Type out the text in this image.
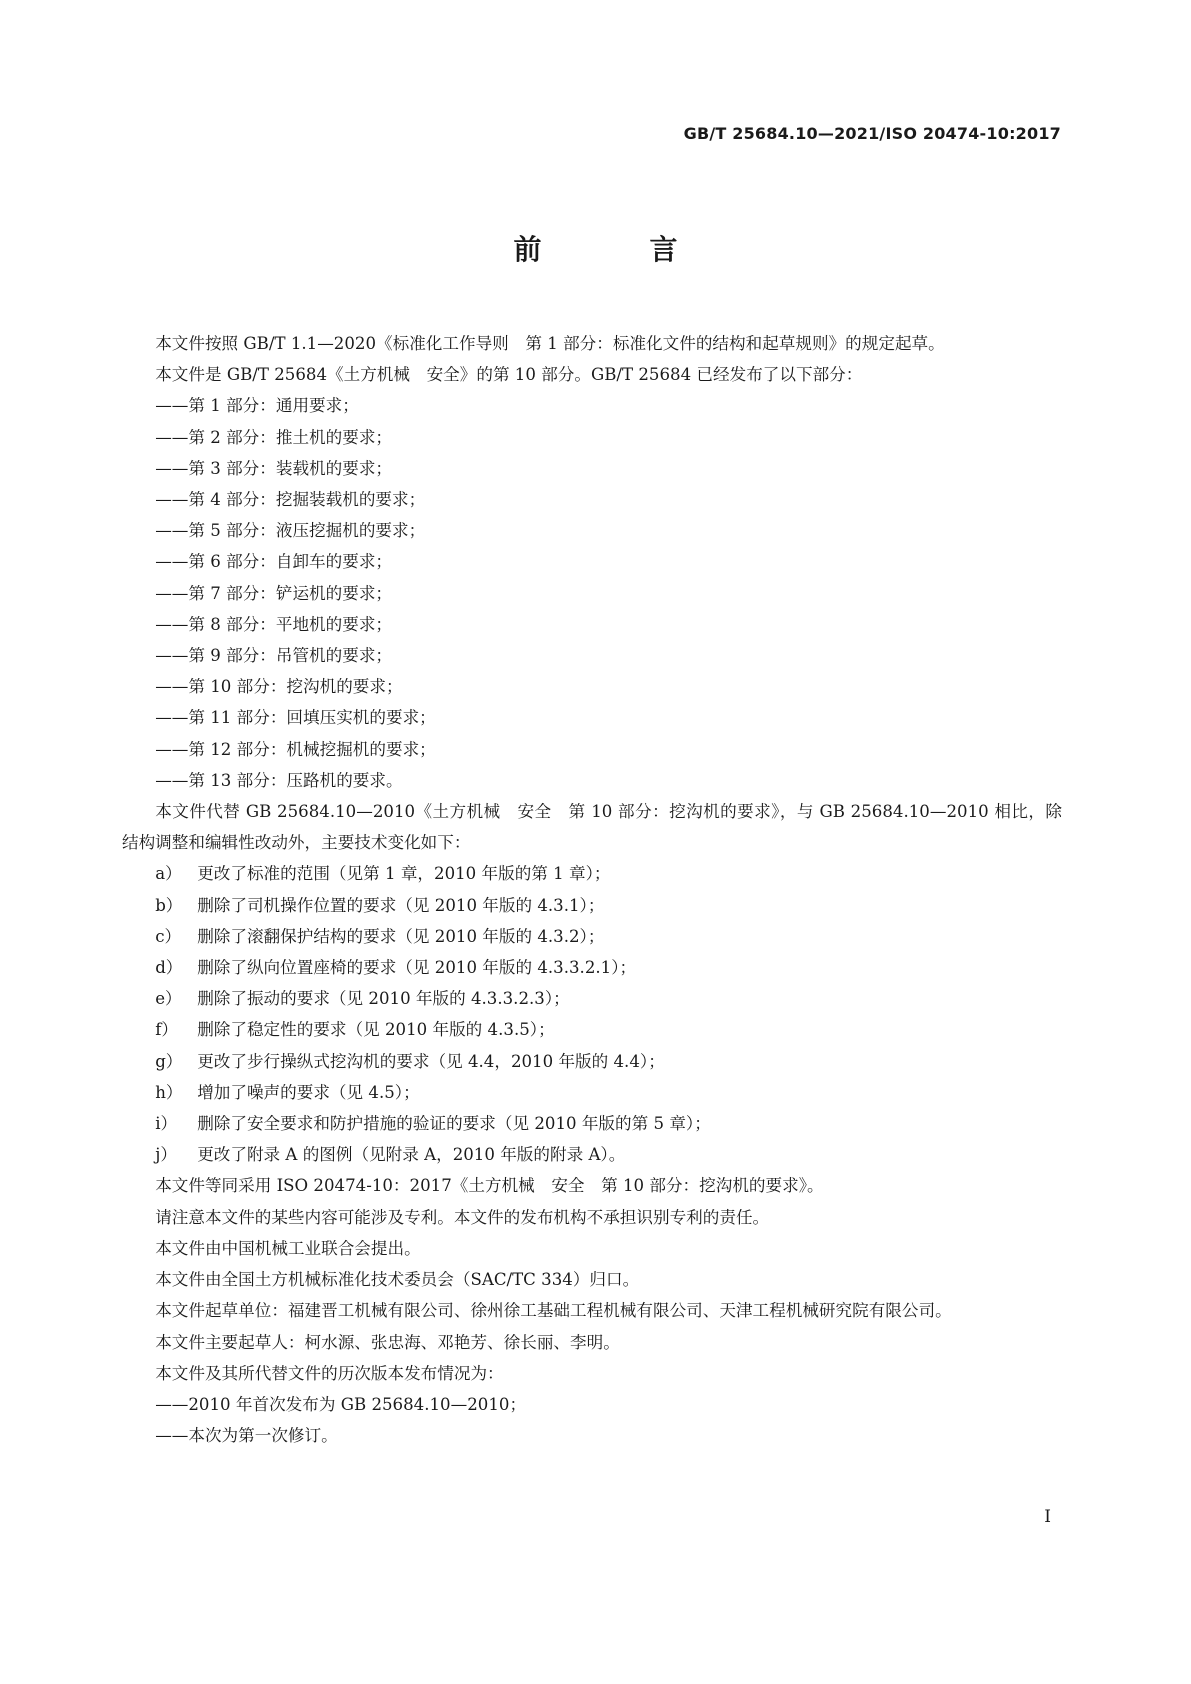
GB/T 25684.10—2021/ISO 20474-10:2017

前　言

本文件按照 GB/T 1.1—2020《标准化工作导则　第 1 部分：标准化文件的结构和起草规则》的规定起草。

本文件是 GB/T 25684《土方机械　安全》的第 10 部分。GB/T 25684 已经发布了以下部分：

——第 1 部分：通用要求；
——第 2 部分：推土机的要求；
——第 3 部分：装载机的要求；
——第 4 部分：挖掘装载机的要求；
——第 5 部分：液压挖掘机的要求；
——第 6 部分：自卸车的要求；
——第 7 部分：铲运机的要求；
——第 8 部分：平地机的要求；
——第 9 部分：吊管机的要求；
——第 10 部分：挖沟机的要求；
——第 11 部分：回填压实机的要求；
——第 12 部分：机械挖掘机的要求；
——第 13 部分：压路机的要求。

本文件代替 GB 25684.10—2010《土方机械　安全　第 10 部分：挖沟机的要求》，与 GB 25684.10—2010 相比，除结构调整和编辑性改动外，主要技术变化如下：

a） 更改了标准的范围（见第 1 章，2010 年版的第 1 章）；
b） 删除了司机操作位置的要求（见 2010 年版的 4.3.1）；
c） 删除了滚翻保护结构的要求（见 2010 年版的 4.3.2）；
d） 删除了纵向位置座椅的要求（见 2010 年版的 4.3.3.2.1）；
e） 删除了振动的要求（见 2010 年版的 4.3.3.2.3）；
f） 删除了稳定性的要求（见 2010 年版的 4.3.5）；
g） 更改了步行操纵式挖沟机的要求（见 4.4，2010 年版的 4.4）；
h） 增加了噪声的要求（见 4.5）；
i） 删除了安全要求和防护措施的验证的要求（见 2010 年版的第 5 章）；
j） 更改了附录 A 的图例（见附录 A，2010 年版的附录 A）。

本文件等同采用 ISO 20474-10：2017《土方机械　安全　第 10 部分：挖沟机的要求》。

请注意本文件的某些内容可能涉及专利。本文件的发布机构不承担识别专利的责任。

本文件由中国机械工业联合会提出。

本文件由全国土方机械标准化技术委员会（SAC/TC 334）归口。

本文件起草单位：福建晋工机械有限公司、徐州徐工基础工程机械有限公司、天津工程机械研究院有限公司。

本文件主要起草人：柯水源、张忠海、邓艳芳、徐长丽、李明。

本文件及其所代替文件的历次版本发布情况为：

——2010 年首次发布为 GB 25684.10—2010；
——本次为第一次修订。

I
